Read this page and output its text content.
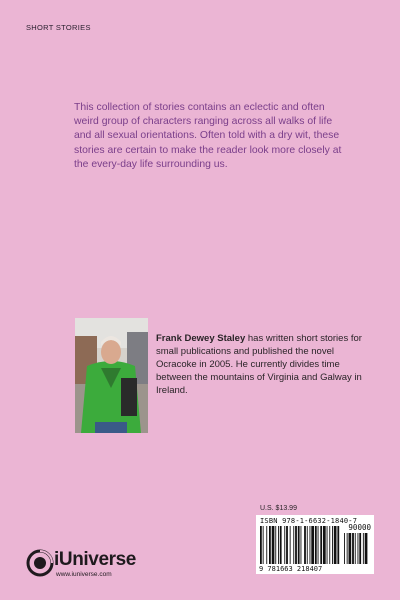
SHORT STORIES

This collection of stories contains an eclectic and often weird group of characters ranging across all walks of life and all sexual orientations. Often told with a dry wit, these stories are certain to make the reader look more closely at the every-day life surrounding us.

Frank Dewey Staley has written short stories for small publications and published the novel Ocracoke in 2005. He currently divides time between the mountains of Virginia and Galway in Ireland.

U.S. $13.99
ISBN 978-1-6632-1840-7
90000
9 781663 218407
iUniverse
www.iuniverse.com
